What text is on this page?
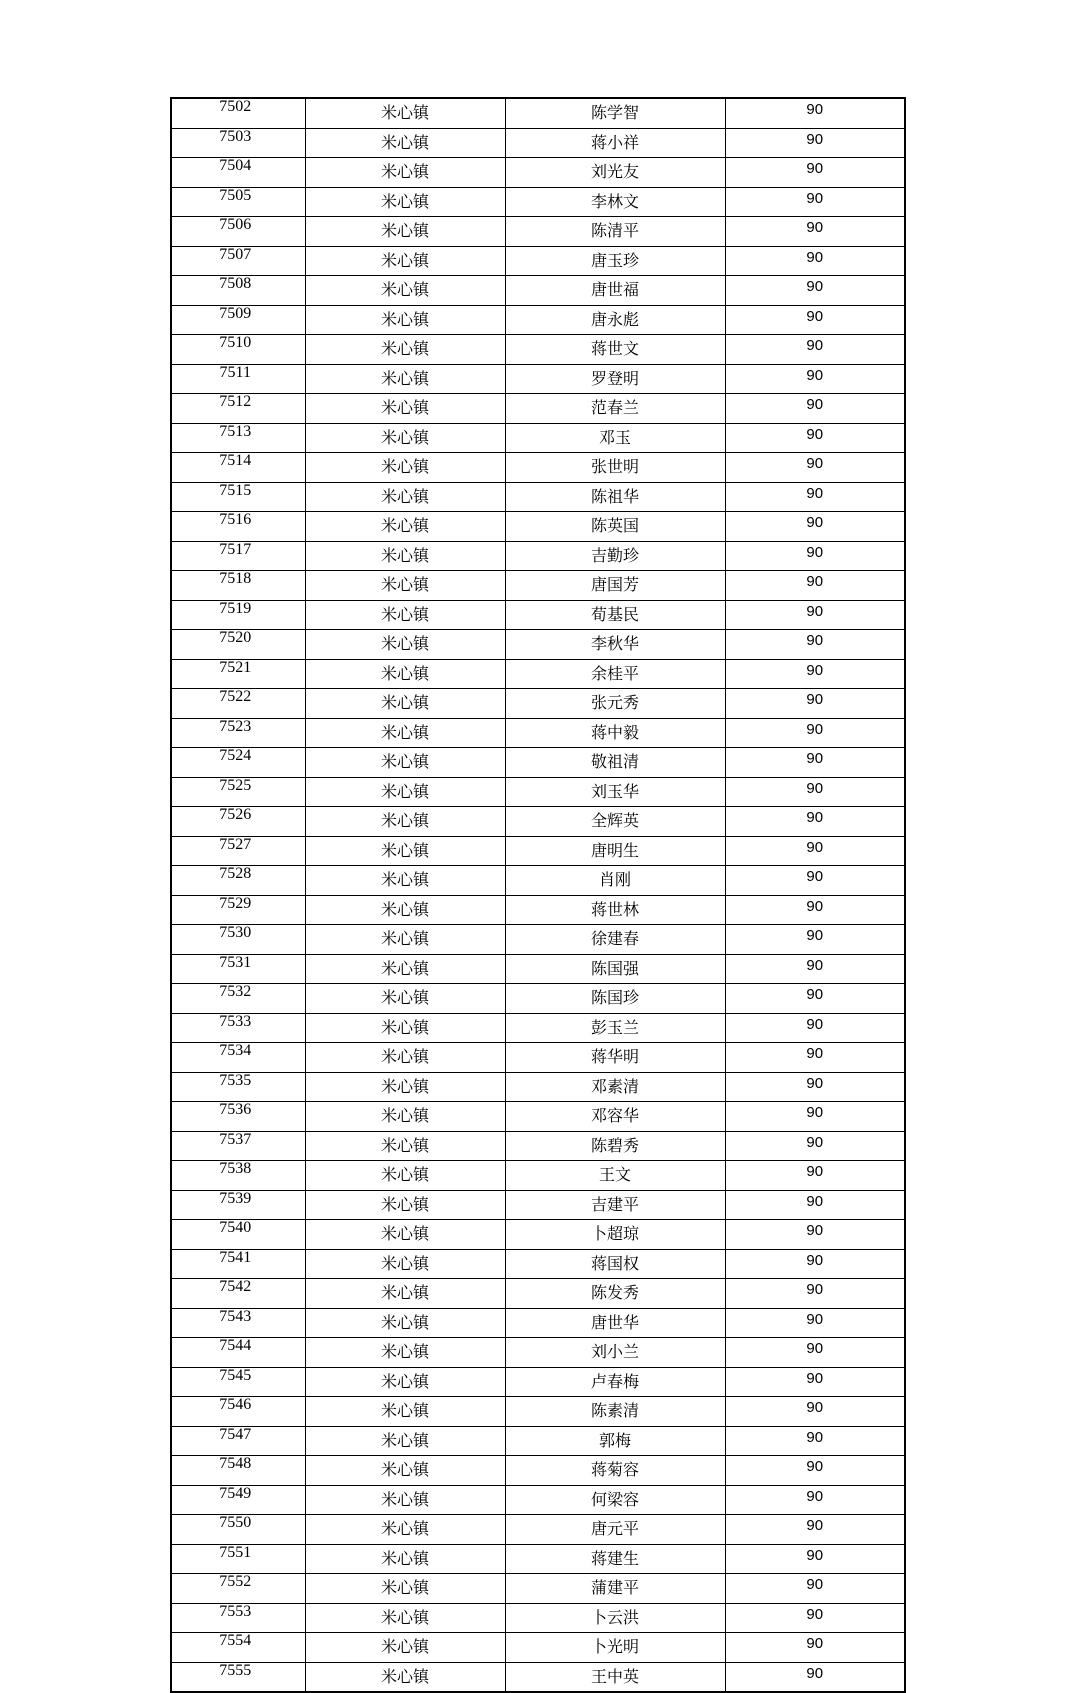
7502	米心镇	陈学智	90
7503	米心镇	蒋小祥	90
7504	米心镇	刘光友	90
7505	米心镇	李林文	90
7506	米心镇	陈清平	90
7507	米心镇	唐玉珍	90
7508	米心镇	唐世福	90
7509	米心镇	唐永彪	90
7510	米心镇	蒋世文	90
7511	米心镇	罗登明	90
7512	米心镇	范春兰	90
7513	米心镇	邓玉	90
7514	米心镇	张世明	90
7515	米心镇	陈祖华	90
7516	米心镇	陈英国	90
7517	米心镇	吉勤珍	90
7518	米心镇	唐国芳	90
7519	米心镇	荀基民	90
7520	米心镇	李秋华	90
7521	米心镇	余桂平	90
7522	米心镇	张元秀	90
7523	米心镇	蒋中毅	90
7524	米心镇	敬祖清	90
7525	米心镇	刘玉华	90
7526	米心镇	全辉英	90
7527	米心镇	唐明生	90
7528	米心镇	肖刚	90
7529	米心镇	蒋世林	90
7530	米心镇	徐建春	90
7531	米心镇	陈国强	90
7532	米心镇	陈国珍	90
7533	米心镇	彭玉兰	90
7534	米心镇	蒋华明	90
7535	米心镇	邓素清	90
7536	米心镇	邓容华	90
7537	米心镇	陈碧秀	90
7538	米心镇	王文	90
7539	米心镇	吉建平	90
7540	米心镇	卜超琼	90
7541	米心镇	蒋国权	90
7542	米心镇	陈发秀	90
7543	米心镇	唐世华	90
7544	米心镇	刘小兰	90
7545	米心镇	卢春梅	90
7546	米心镇	陈素清	90
7547	米心镇	郭梅	90
7548	米心镇	蒋菊容	90
7549	米心镇	何梁容	90
7550	米心镇	唐元平	90
7551	米心镇	蒋建生	90
7552	米心镇	蒲建平	90
7553	米心镇	卜云洪	90
7554	米心镇	卜光明	90
7555	米心镇	王中英	90
